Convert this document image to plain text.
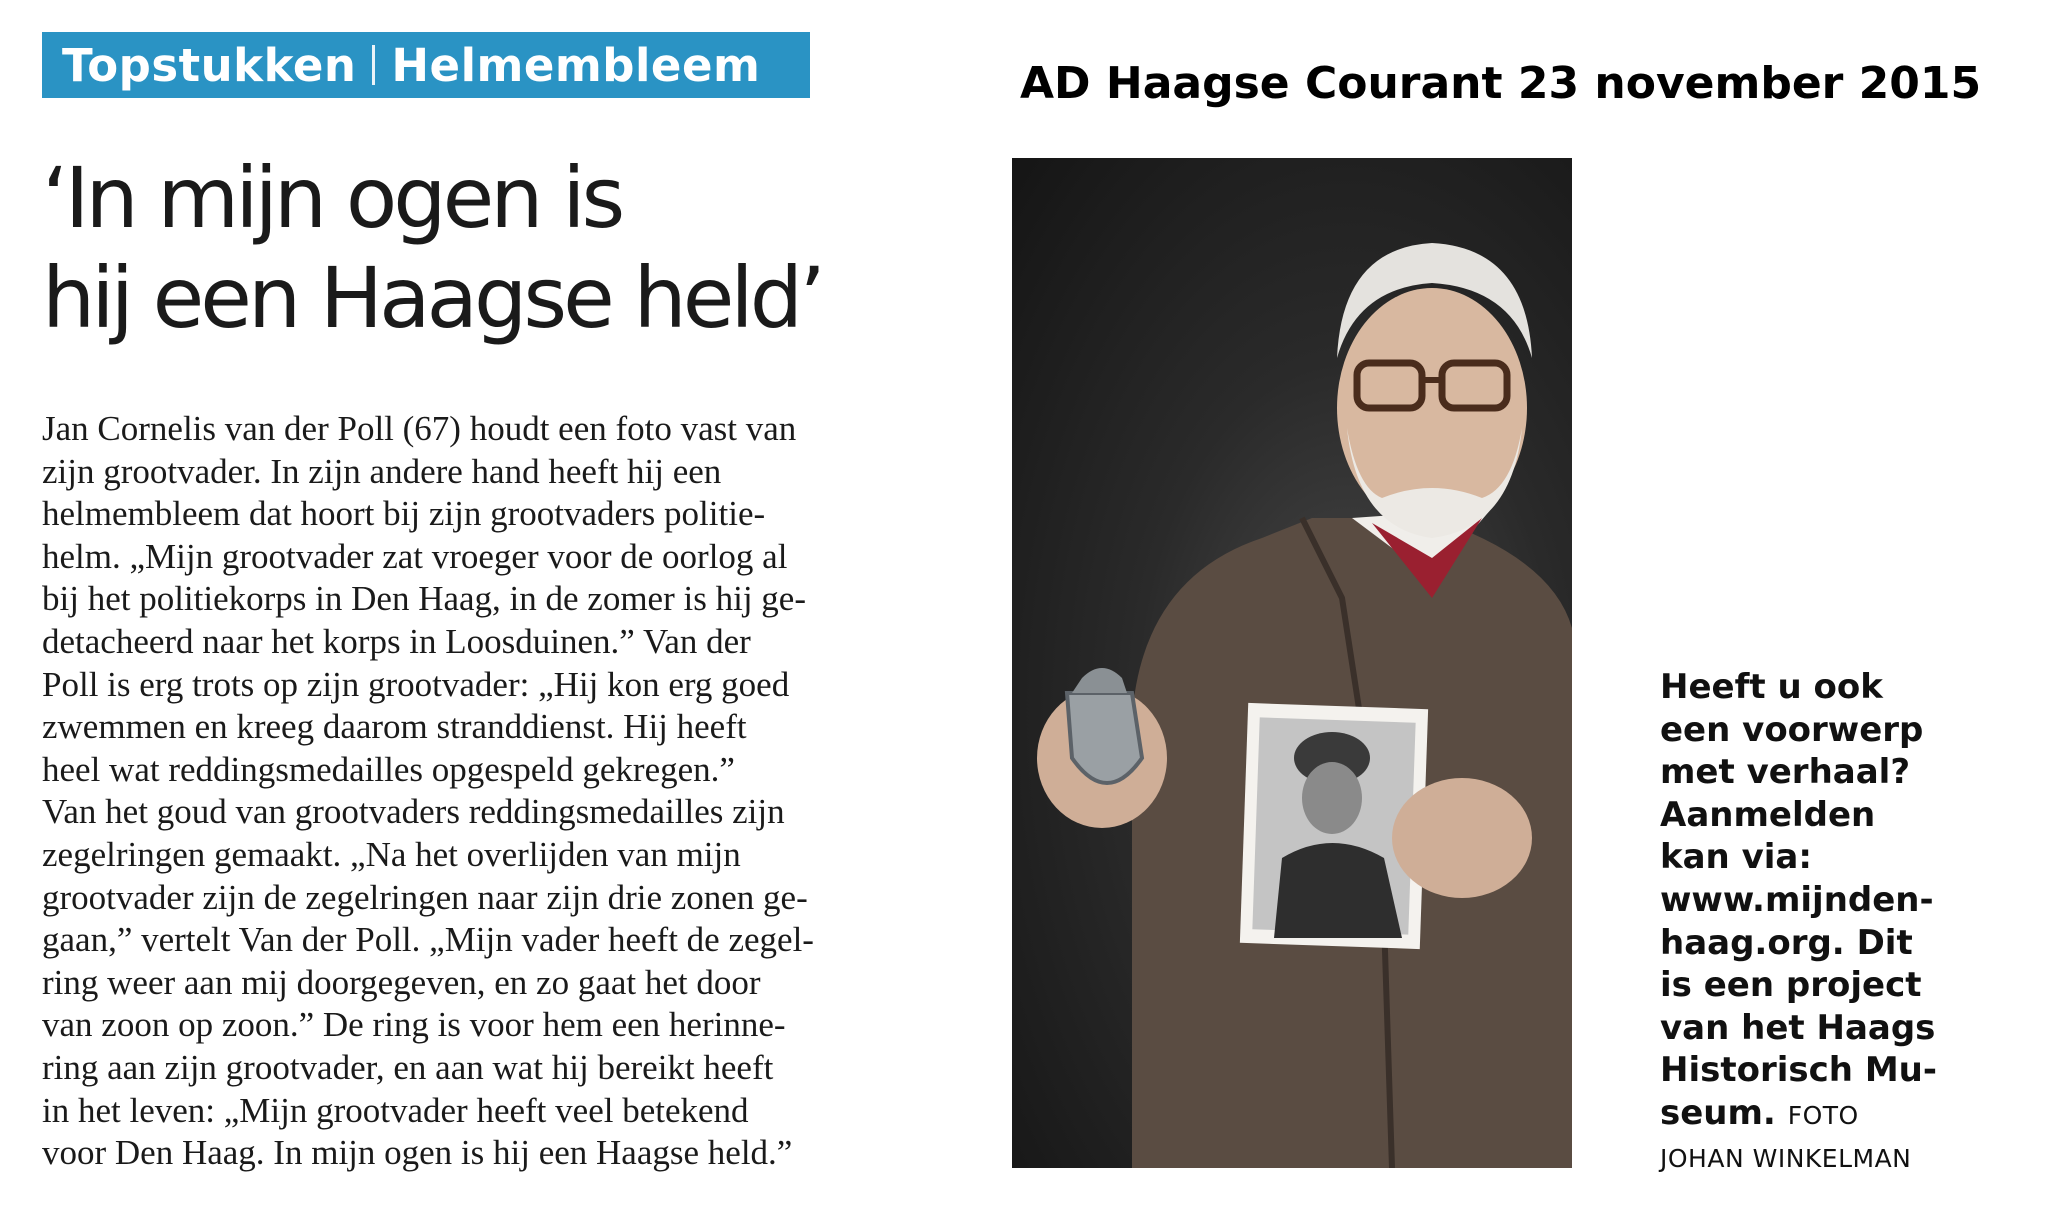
Topstukken Helmembleem	AD Haagse Courant 23 november 2015
‘In mijn ogen is
hij een Haagse held’
Jan Cornelis van der Poll (67) houdt een foto vast van
zijn grootvader. In zijn andere hand heeft hij een
helmembleem dat hoort bij zijn grootvaders politie-
helm. „Mijn grootvader zat vroeger voor de oorlog al
bij het politiekorps in Den Haag, in de zomer is hij ge-
detacheerd naar het korps in Loosduinen.” Van der
Poll is erg trots op zijn grootvader: „Hij kon erg goed
zwemmen en kreeg daarom stranddienst. Hij heeft
heel wat reddingsmedailles opgespeld gekregen.”
Van het goud van grootvaders reddingsmedailles zijn
zegelringen gemaakt. „Na het overlijden van mijn
grootvader zijn de zegelringen naar zijn drie zonen ge-
gaan,” vertelt Van der Poll. „Mijn vader heeft de zegel-
ring weer aan mij doorgegeven, en zo gaat het door
van zoon op zoon.” De ring is voor hem een herinne-
ring aan zijn grootvader, en aan wat hij bereikt heeft
in het leven: „Mijn grootvader heeft veel betekend
voor Den Haag. In mijn ogen is hij een Haagse held.”
Heeft u ook
een voorwerp
met verhaal?
Aanmelden
kan via:
www.mijnden-
haag.org. Dit
is een project
van het Haags
Historisch Mu-
seum. FOTO
JOHAN WINKELMAN
